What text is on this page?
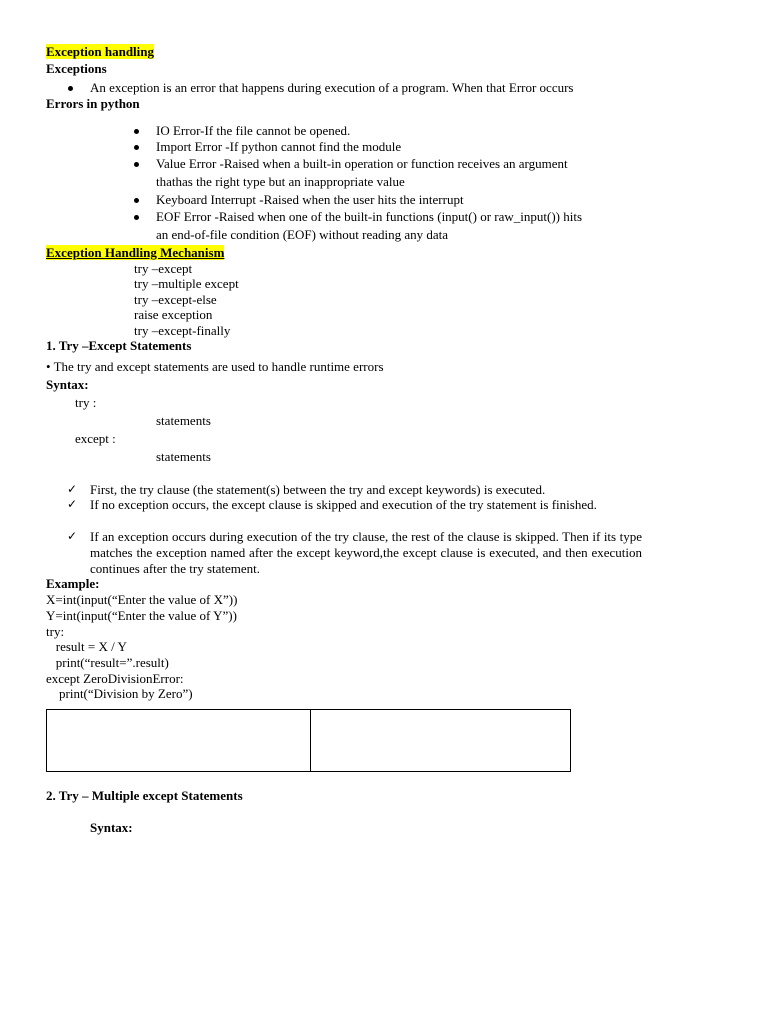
Exception handling
Exceptions
An exception is an error that happens during execution of a program. When that Error occurs
Errors in python
IO Error-If the file cannot be opened.
Import Error -If python cannot find the module
Value Error -Raised when a built-in operation or function receives an argument
thathas the right type but an inappropriate value
Keyboard Interrupt -Raised when the user hits the interrupt
EOF Error -Raised when one of the built-in functions (input() or raw_input()) hits
an end-of-file condition (EOF) without reading any data
Exception Handling Mechanism
try –except
try –multiple except
try –except-else
raise exception
try –except-finally
1. Try –Except Statements
• The try and except statements are used to handle runtime errors
Syntax:
try :
statements
except :
statements
✓ First, the try clause (the statement(s) between the try and except keywords) is executed.
✓ If no exception occurs, the except clause is skipped and execution of the try statement is finished.
✓ If an exception occurs during execution of the try clause, the rest of the clause is skipped. Then if its type matches the exception named after the except keyword,the except clause is executed, and then execution continues after the try statement.
Example:
X=int(input(“Enter the value of X”))
Y=int(input(“Enter the value of Y”))
try:
result = X / Y
print(“result=”.result)
except ZeroDivisionError:
print(“Division by Zero”)
2. Try – Multiple except Statements
Syntax:
